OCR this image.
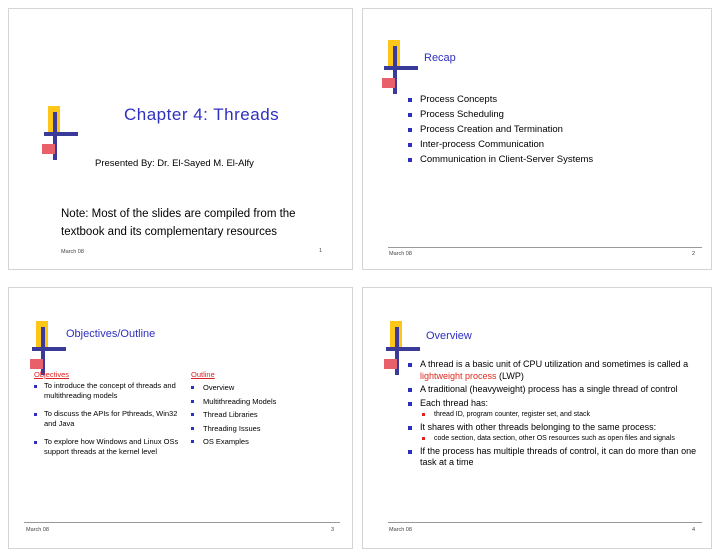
Chapter 4: Threads
Presented By: Dr. El-Sayed M. El-Alfy
Note: Most of the slides are compiled from the textbook and its complementary resources
March 08	1
Recap
Process Concepts
Process Scheduling
Process Creation and Termination
Inter-process Communication
Communication in Client-Server Systems
March 08	2
Objectives/Outline
Objectives
To introduce the concept of threads and multithreading models
To discuss the APIs for Pthreads, Win32 and Java
To explore how Windows and Linux OSs support threads at the kernel level
Outline
Overview
Multithreading Models
Thread Libraries
Threading Issues
OS Examples
March 08	3
Overview
A thread is a basic unit of CPU utilization and sometimes is called a lightweight process (LWP)
A traditional (heavyweight) process has a single thread of control
Each thread has:
thread ID, program counter, register set, and stack
It shares with other threads belonging to the same process:
code section, data section, other OS resources such as open files and signals
If the process has multiple threads of control, it can do more than one task at a time
March 08	4
